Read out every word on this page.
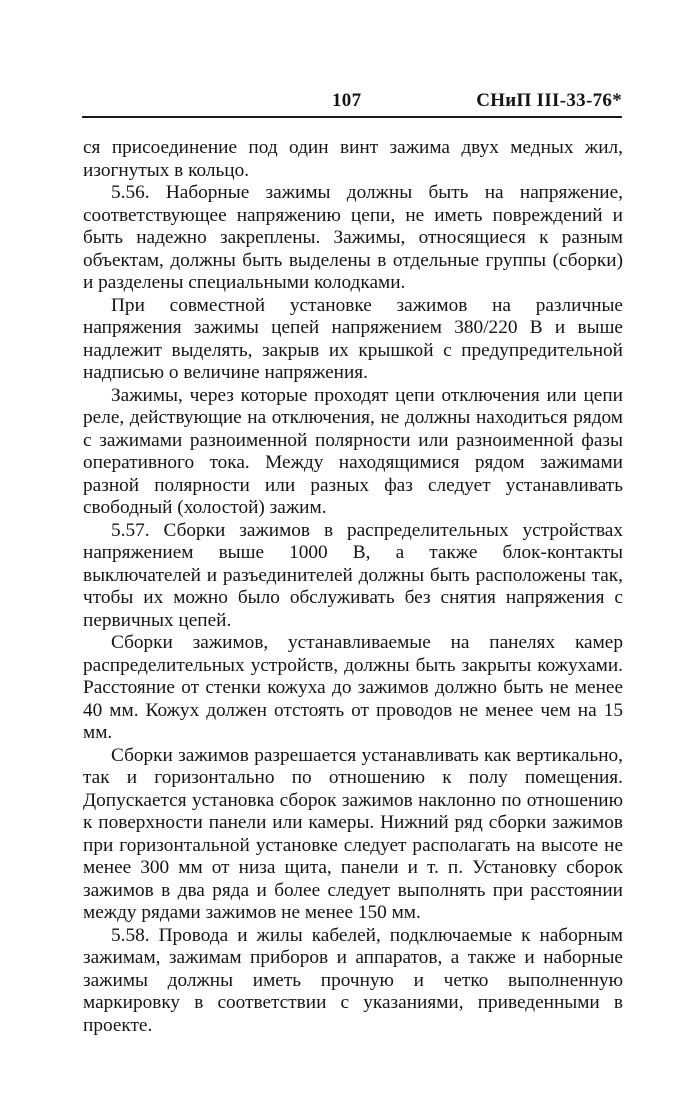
107	СНиП III-33-76*

ся присоединение под один винт зажима двух медных жил, изогнутых в кольцо.

5.56. Наборные зажимы должны быть на напряжение, соответствующее напряжению цепи, не иметь повреждений и быть надежно закреплены. Зажимы, относящиеся к разным объектам, должны быть выделены в отдельные группы (сборки) и разделены специальными колодками.

При совместной установке зажимов на различные напряжения зажимы цепей напряжением 380/220 В и выше надлежит выделять, закрыв их крышкой с предупредительной надписью о величине напряжения.

Зажимы, через которые проходят цепи отключения или цепи реле, действующие на отключения, не должны находиться рядом с зажимами разноименной полярности или разноименной фазы оперативного тока. Между находящимися рядом зажимами разной полярности или разных фаз следует устанавливать свободный (холостой) зажим.

5.57. Сборки зажимов в распределительных устройствах напряжением выше 1000 В, а также блок-контакты выключателей и разъединителей должны быть расположены так, чтобы их можно было обслуживать без снятия напряжения с первичных цепей.

Сборки зажимов, устанавливаемые на панелях камер распределительных устройств, должны быть закрыты кожухами. Расстояние от стенки кожуха до зажимов должно быть не менее 40 мм. Кожух должен отстоять от проводов не менее чем на 15 мм.

Сборки зажимов разрешается устанавливать как вертикально, так и горизонтально по отношению к полу помещения. Допускается установка сборок зажимов наклонно по отношению к поверхности панели или камеры. Нижний ряд сборки зажимов при горизонтальной установке следует располагать на высоте не менее 300 мм от низа щита, панели и т. п. Установку сборок зажимов в два ряда и более следует выполнять при расстоянии между рядами зажимов не менее 150 мм.

5.58. Провода и жилы кабелей, подключаемые к наборным зажимам, зажимам приборов и аппаратов, а также и наборные зажимы должны иметь прочную и четко выполненную маркировку в соответствии с указаниями, приведенными в проекте.
